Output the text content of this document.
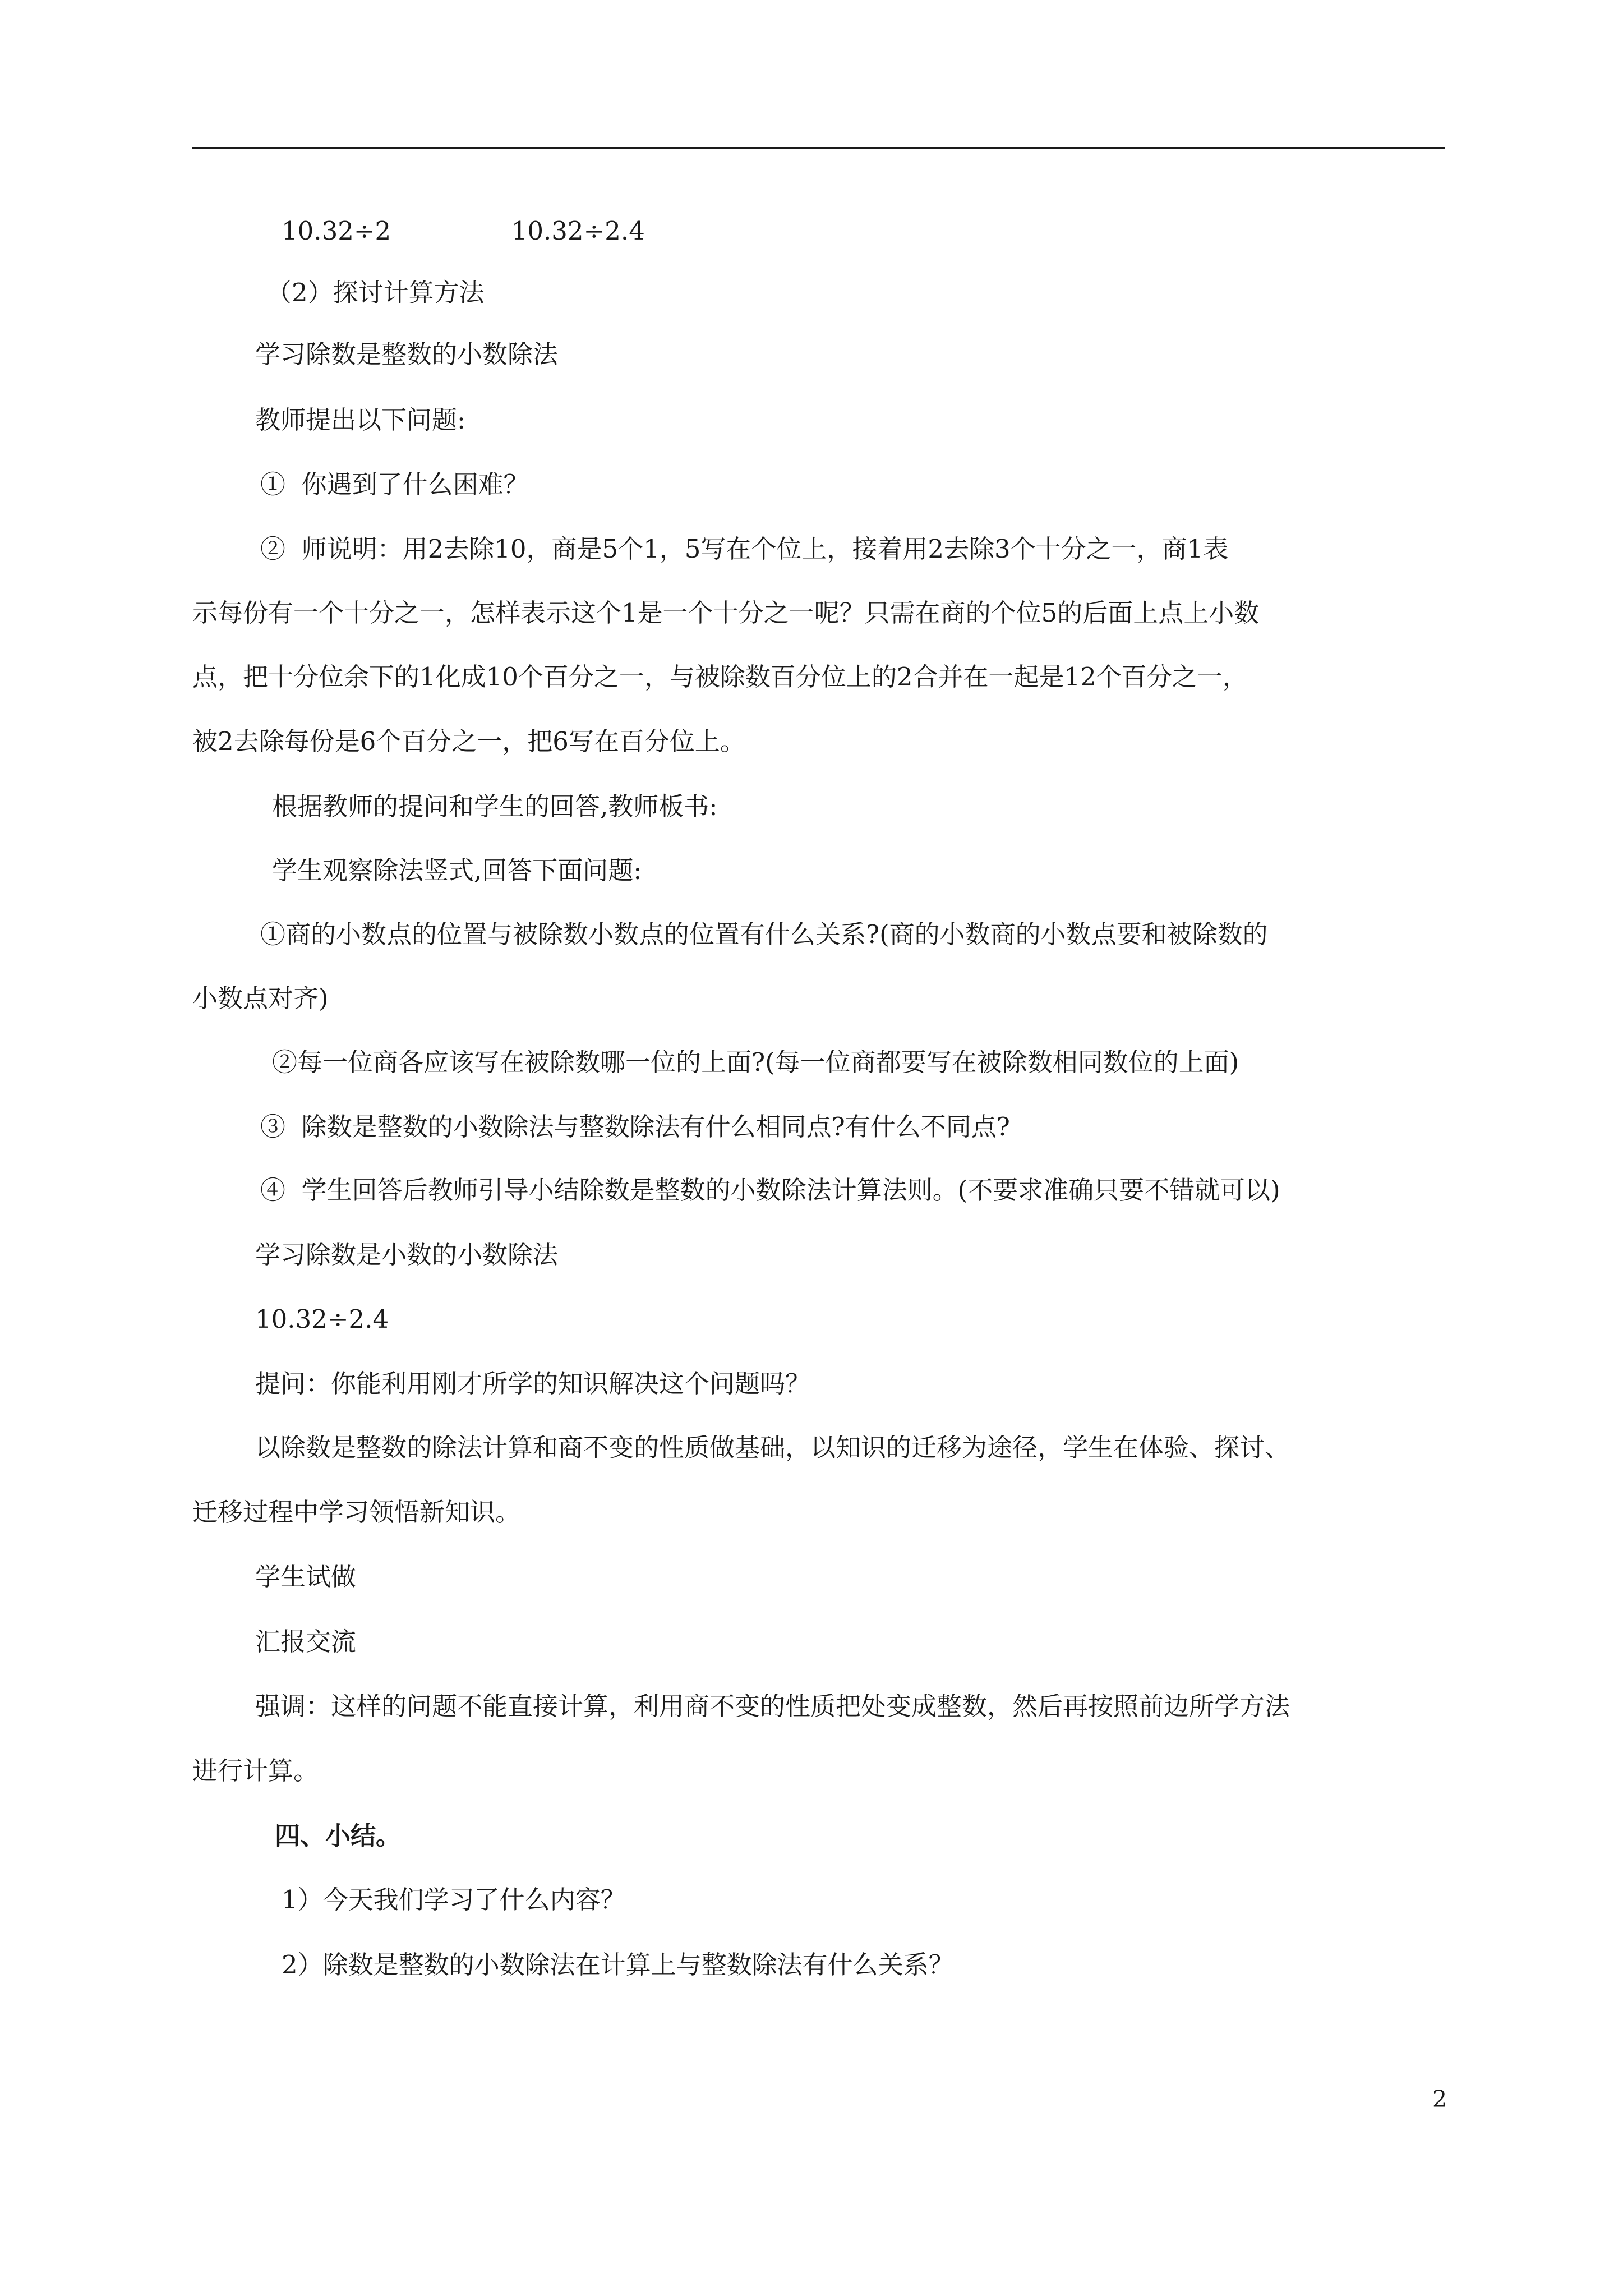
10.32÷2               10.32÷2.4
（2）探讨计算方法
学习除数是整数的小数除法
教师提出以下问题:
①  你遇到了什么困难？
②  师说明：用2去除10，商是5个1，5写在个位上，接着用2去除3个十分之一，商1表
示每份有一个十分之一，怎样表示这个1是一个十分之一呢？只需在商的个位5的后面上点上小数
点，把十分位余下的1化成10个百分之一，与被除数百分位上的2合并在一起是12个百分之一，
被2去除每份是6个百分之一，把6写在百分位上。
根据教师的提问和学生的回答,教师板书:
学生观察除法竖式,回答下面问题:
①商的小数点的位置与被除数小数点的位置有什么关系?(商的小数商的小数点要和被除数的
小数点对齐)
②每一位商各应该写在被除数哪一位的上面?(每一位商都要写在被除数相同数位的上面)
③  除数是整数的小数除法与整数除法有什么相同点?有什么不同点?
④  学生回答后教师引导小结除数是整数的小数除法计算法则。(不要求准确只要不错就可以)
学习除数是小数的小数除法
10.32÷2.4
提问：你能利用刚才所学的知识解决这个问题吗？
以除数是整数的除法计算和商不变的性质做基础，以知识的迁移为途径，学生在体验、探讨、
迁移过程中学习领悟新知识。
学生试做
汇报交流
强调：这样的问题不能直接计算，利用商不变的性质把处变成整数，然后再按照前边所学方法
进行计算。
四、小结。
1）今天我们学习了什么内容？
2）除数是整数的小数除法在计算上与整数除法有什么关系？
2
